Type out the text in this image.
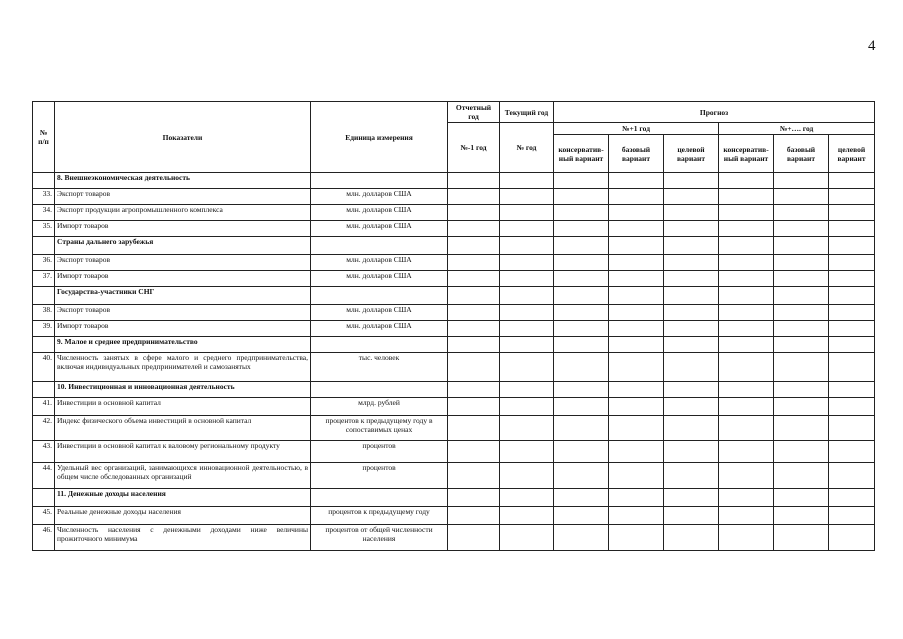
4
№
п/п	Показатели	Единица измерения	Отчетный год	Текущий год	Прогноз					
			№-1 год	№ год	№+1 год			№+…. год		
					консерватив-ный вариант	базовый вариант	целевой вариант	консерватив-ный вариант	базовый вариант	целевой вариант
	8. Внешнеэкономическая деятельность									
33.	Экспорт товаров	млн. долларов США								
34.	Экспорт продукции агропромышленного комплекса	млн. долларов США								
35.	Импорт товаров	млн. долларов США								
	Страны дальнего зарубежья									
36.	Экспорт товаров	млн. долларов США								
37.	Импорт товаров	млн. долларов США								
	Государства-участники СНГ									
38.	Экспорт товаров	млн. долларов США								
39.	Импорт товаров	млн. долларов США								
	9. Малое и среднее предпринимательство									
40.	Численность занятых в сфере малого и среднего предпринимательства, включая индивидуальных предпринимателей и самозанятых	тыс. человек								
	10. Инвестиционная и инновационная деятельность									
41.	Инвестиции в основной капитал	млрд. рублей								
42.	Индекс физического объема инвестиций в основной капитал	процентов к предыдущему году в сопоставимых ценах								
43.	Инвестиции в основной капитал к валовому региональному продукту	процентов								
44.	Удельный вес организаций, занимающихся инновационной деятельностью, в общем числе обследованных организаций	процентов								
	11. Денежные доходы населения									
45.	Реальные денежные доходы населения	процентов к предыдущему году								
46.	Численность населения с денежными доходами ниже величины прожиточного минимума	процентов от общей численности населения								
